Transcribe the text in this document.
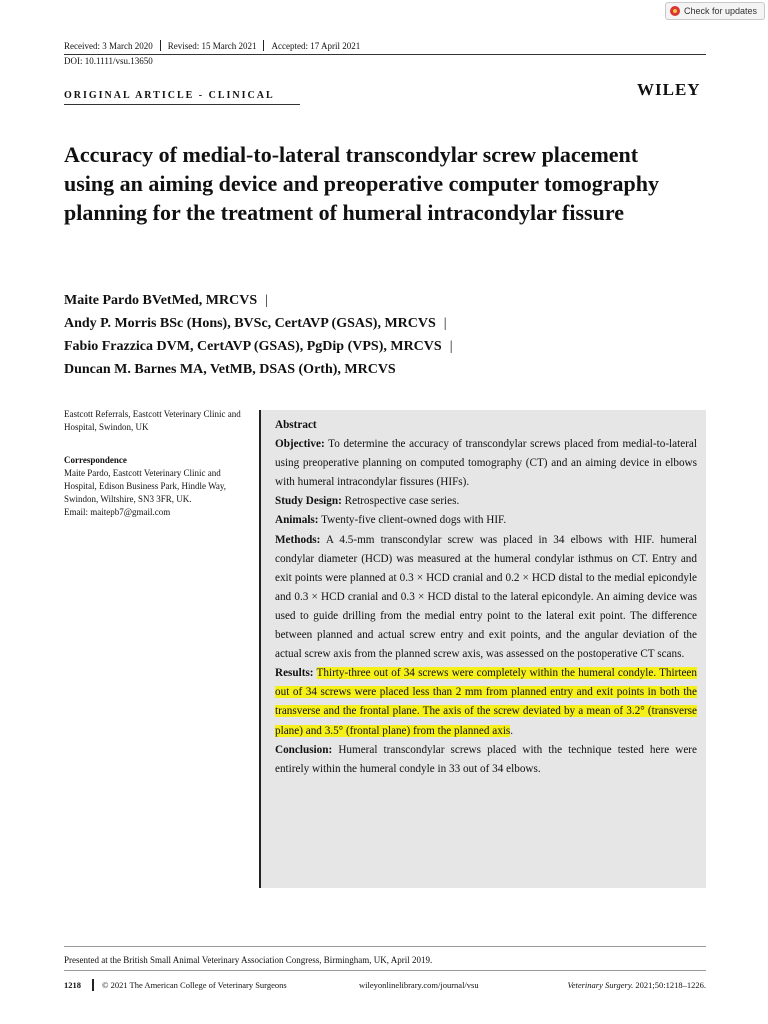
Check for updates
Received: 3 March 2020 Revised: 15 March 2021 Accepted: 17 April 2021
DOI: 10.1111/vsu.13650
ORIGINAL ARTICLE - CLINICAL	WILEY
Accuracy of medial-to-lateral transcondylar screw placement using an aiming device and preoperative computer tomography planning for the treatment of humeral intracondylar fissure
Maite Pardo BVetMed, MRCVS |
Andy P. Morris BSc (Hons), BVSc, CertAVP (GSAS), MRCVS |
Fabio Frazzica DVM, CertAVP (GSAS), PgDip (VPS), MRCVS |
Duncan M. Barnes MA, VetMB, DSAS (Orth), MRCVS
Eastcott Referrals, Eastcott Veterinary Clinic and Hospital, Swindon, UK
Correspondence
Maite Pardo, Eastcott Veterinary Clinic and Hospital, Edison Business Park, Hindle Way, Swindon, Wiltshire, SN3 3FR, UK.
Email: maitepb7@gmail.com

Abstract

Objective: To determine the accuracy of transcondylar screws placed from medial-to-lateral using preoperative planning on computed tomography (CT) and an aiming device in elbows with humeral intracondylar fissures (HIFs).

Study Design: Retrospective case series.

Animals: Twenty-five client-owned dogs with HIF.

Methods: A 4.5-mm transcondylar screw was placed in 34 elbows with HIF. humeral condylar diameter (HCD) was measured at the humeral condylar isthmus on CT. Entry and exit points were planned at 0.3 × HCD cranial and 0.2 × HCD distal to the medial epicondyle and 0.3 × HCD cranial and 0.3 × HCD distal to the lateral epicondyle. An aiming device was used to guide drilling from the medial entry point to the lateral exit point. The difference between planned and actual screw entry and exit points, and the angular deviation of the actual screw axis from the planned screw axis, was assessed on the postoperative CT scans.

Results: Thirty-three out of 34 screws were completely within the humeral condyle. Thirteen out of 34 screws were placed less than 2 mm from planned entry and exit points in both the transverse and the frontal plane. The axis of the screw deviated by a mean of 3.2° (transverse plane) and 3.5° (frontal plane) from the planned axis.

Conclusion: Humeral transcondylar screws placed with the technique tested here were entirely within the humeral condyle in 33 out of 34 elbows.

Presented at the British Small Animal Veterinary Association Congress, Birmingham, UK, April 2019.
1218 © 2021 The American College of Veterinary Surgeons	wileyonlinelibrary.com/journal/vsu	Veterinary Surgery. 2021;50:1218–1226.
